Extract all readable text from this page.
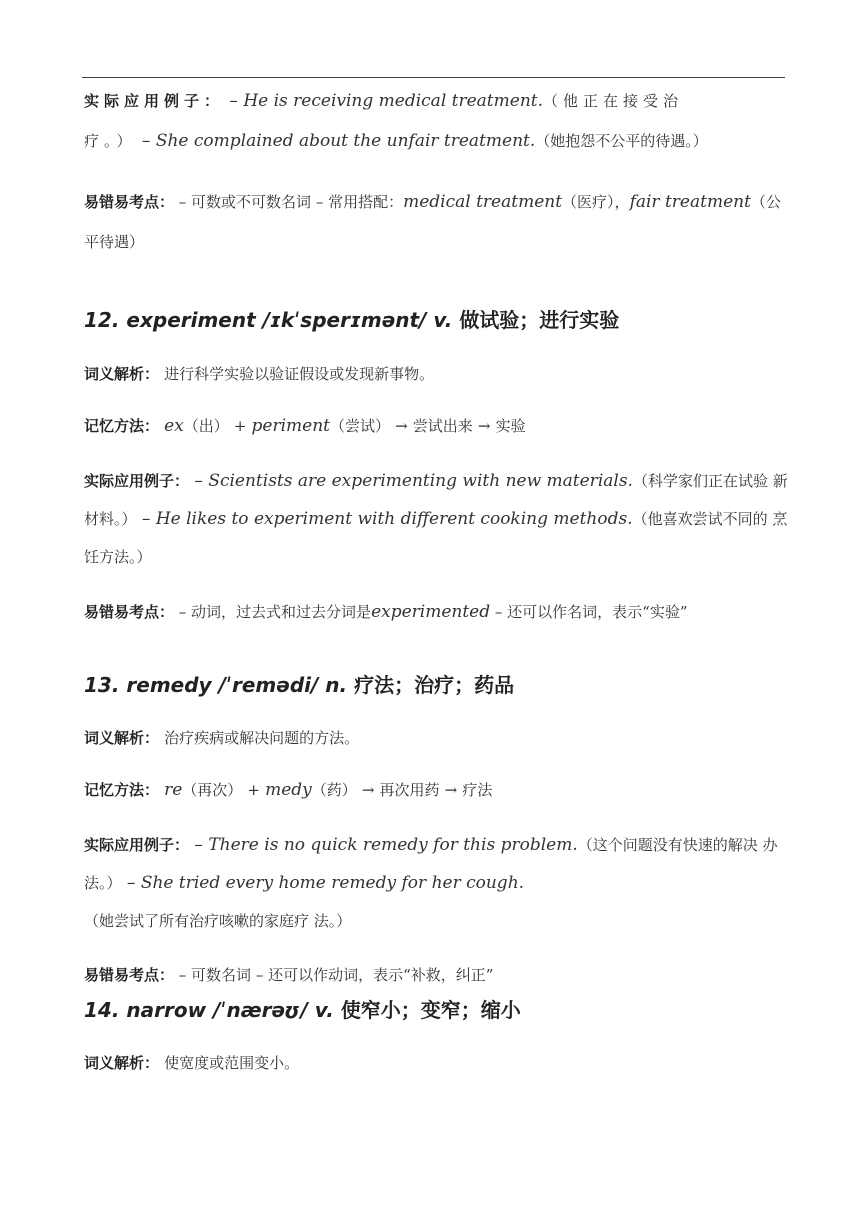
实际应用例子： – He is receiving medical treatment.（他正在接受治
疗。） – She complained about the unfair treatment.（她抱怨不公平的待遇。）

易错易考点： – 可数或不可数名词 – 常用搭配：medical treatment（医疗），fair treatment（公平待遇）

12. experiment /ɪkˈsperɪmənt/ v. 做试验；进行实验

词义解析： 进行科学实验以验证假设或发现新事物。

记忆方法： ex（出） + periment（尝试） → 尝试出来 → 实验

实际应用例子： – Scientists are experimenting with new materials.（科学家们正在试验 新材料。） – He likes to experiment with different cooking methods.（他喜欢尝试不同的 烹饪方法。）

易错易考点： – 动词，过去式和过去分词是experimented – 还可以作名词，表示“实验”

13. remedy /ˈremədi/ n. 疗法；治疗；药品

词义解析： 治疗疾病或解决问题的方法。

记忆方法： re（再次） + medy（药） → 再次用药 → 疗法

实际应用例子： – There is no quick remedy for this problem.（这个问题没有快速的解决 办法。） – She tried every home remedy for her cough.（她尝试了所有治疗咳嗽的家庭疗 法。）

易错易考点： – 可数名词 – 还可以作动词，表示“补救，纠正”

14. narrow /ˈnærəʊ/ v. 使窄小；变窄；缩小

词义解析： 使宽度或范围变小。
